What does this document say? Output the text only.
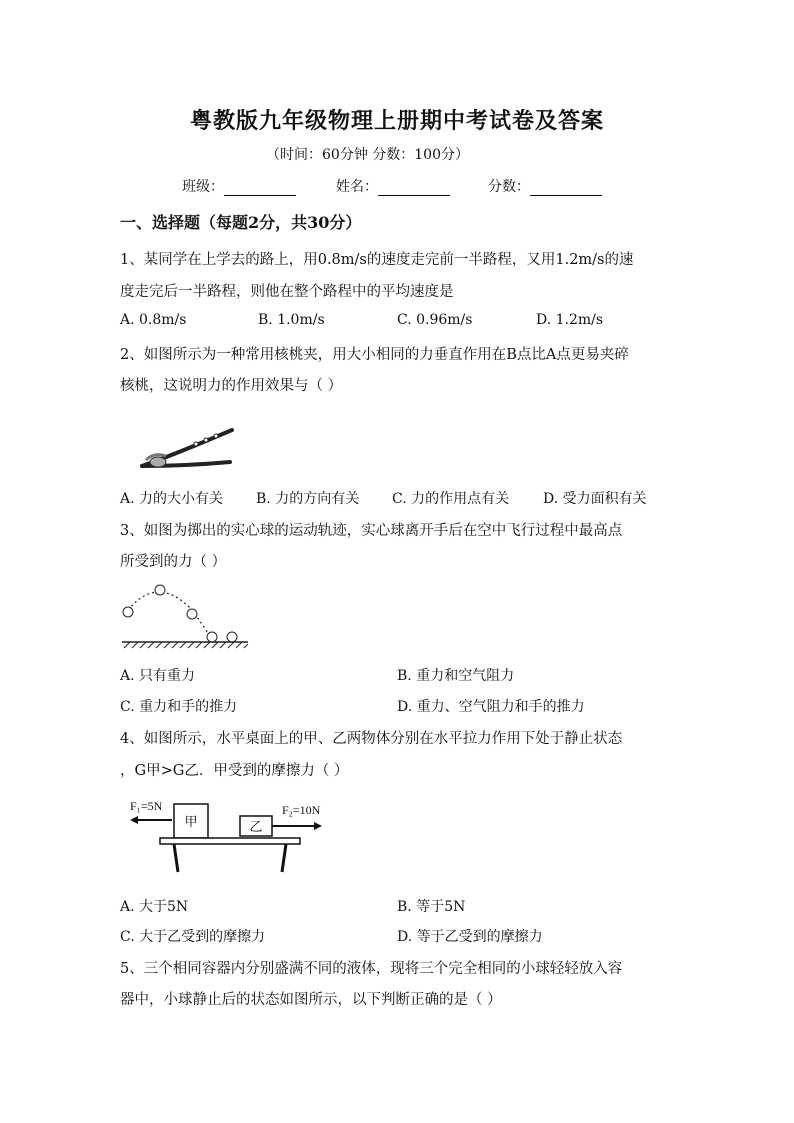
粤教版九年级物理上册期中考试卷及答案
（时间：60分钟 分数：100分）
班级：	姓名：	分数：
一、选择题（每题2分，共30分）
1、某同学在上学去的路上，用0.8m/s的速度走完前一半路程，又用1.2m/s的速
度走完后一半路程，则他在整个路程中的平均速度是
A. 0.8m/s	B. 1.0m/s	C. 0.96m/s	D. 1.2m/s
2、如图所示为一种常用核桃夹，用大小相同的力垂直作用在B点比A点更易夹碎
核桃，这说明力的作用效果与（ ）
A. 力的大小有关 B. 力的方向有关 C. 力的作用点有关 D. 受力面积有关
3、如图为掷出的实心球的运动轨迹，实心球离开手后在空中飞行过程中最高点
所受到的力（ ）
A. 只有重力	B. 重力和空气阻力
C. 重力和手的推力	D. 重力、空气阻力和手的推力
4、如图所示，水平桌面上的甲、乙两物体分别在水平拉力作用下处于静止状态
，G甲>G乙．甲受到的摩擦力（ ）
F₁=5N
甲	乙
F₂=10N
A. 大于5N	B. 等于5N
C. 大于乙受到的摩擦力	D. 等于乙受到的摩擦力
5、三个相同容器内分别盛满不同的液体，现将三个完全相同的小球轻轻放入容
器中，小球静止后的状态如图所示，以下判断正确的是（ ）
